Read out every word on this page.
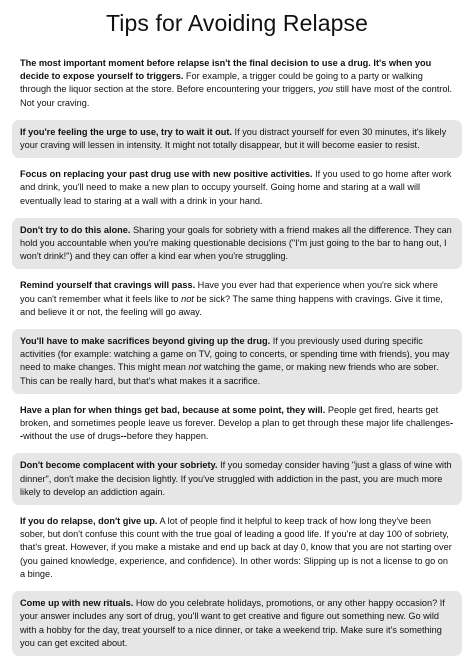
Tips for Avoiding Relapse
The most important moment before relapse isn't the final decision to use a drug. It's when you decide to expose yourself to triggers. For example, a trigger could be going to a party or walking through the liquor section at the store. Before encountering your triggers, you still have most of the control. Not your craving.
If you're feeling the urge to use, try to wait it out. If you distract yourself for even 30 minutes, it's likely your craving will lessen in intensity. It might not totally disappear, but it will become easier to resist.
Focus on replacing your past drug use with new positive activities. If you used to go home after work and drink, you'll need to make a new plan to occupy yourself. Going home and staring at a wall will eventually lead to staring at a wall with a drink in your hand.
Don't try to do this alone. Sharing your goals for sobriety with a friend makes all the difference. They can hold you accountable when you're making questionable decisions ("I'm just going to the bar to hang out, I won't drink!") and they can offer a kind ear when you're struggling.
Remind yourself that cravings will pass. Have you ever had that experience when you're sick where you can't remember what it feels like to not be sick? The same thing happens with cravings. Give it time, and believe it or not, the feeling will go away.
You'll have to make sacrifices beyond giving up the drug. If you previously used during specific activities (for example: watching a game on TV, going to concerts, or spending time with friends), you may need to make changes. This might mean not watching the game, or making new friends who are sober. This can be really hard, but that's what makes it a sacrifice.
Have a plan for when things get bad, because at some point, they will. People get fired, hearts get broken, and sometimes people leave us forever. Develop a plan to get through these major life challenges--without the use of drugs--before they happen.
Don't become complacent with your sobriety. If you someday consider having "just a glass of wine with dinner", don't make the decision lightly. If you've struggled with addiction in the past, you are much more likely to develop an addiction again.
If you do relapse, don't give up. A lot of people find it helpful to keep track of how long they've been sober, but don't confuse this count with the true goal of leading a good life. If you're at day 100 of sobriety, that's great. However, if you make a mistake and end up back at day 0, know that you are not starting over (you gained knowledge, experience, and confidence). In other words: Slipping up is not a license to go on a binge.
Come up with new rituals. How do you celebrate holidays, promotions, or any other happy occasion? If your answer includes any sort of drug, you'll want to get creative and figure out something new. Go wild with a hobby for the day, treat yourself to a nice dinner, or take a weekend trip. Make sure it's something you can get excited about.
